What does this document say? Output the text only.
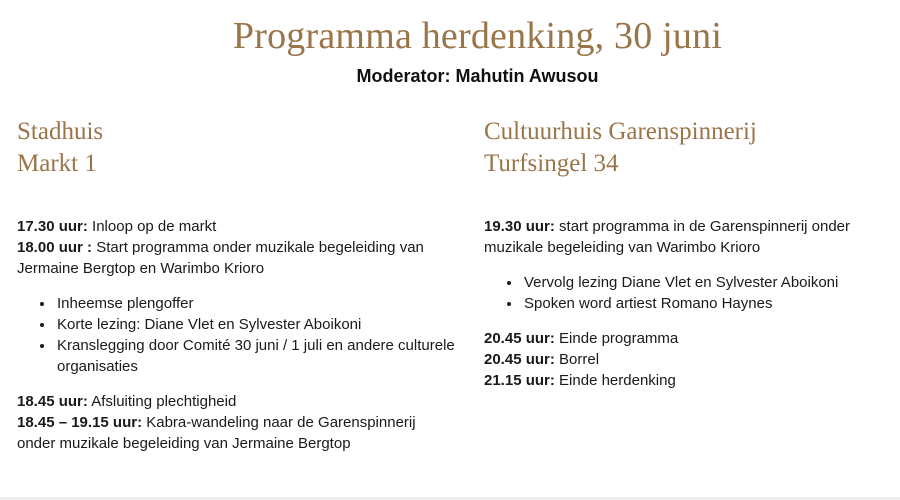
Programma herdenking, 30 juni
Moderator: Mahutin Awusou
Stadhuis
Markt 1

17.30 uur: Inloop op de markt

18.00 uur : Start programma onder muzikale begeleiding van Jermaine Bergtop en Warimbo Krioro

• Inheemse plengoffer
• Korte lezing: Diane Vlet en Sylvester Aboikoni
• Kranslegging door Comité 30 juni / 1 juli en andere culturele organisaties

18.45 uur: Afsluiting plechtigheid

18.45 – 19.15 uur: Kabra-wandeling naar de Garenspinnerij onder muzikale begeleiding van Jermaine Bergtop

Cultuurhuis Garenspinnerij
Turfsingel 34

19.30 uur: start programma in de Garenspinnerij onder muzikale begeleiding van Warimbo Krioro

• Vervolg lezing Diane Vlet en Sylvester Aboikoni
• Spoken word artiest Romano Haynes

20.45 uur: Einde programma

20.45 uur: Borrel

21.15 uur: Einde herdenking
